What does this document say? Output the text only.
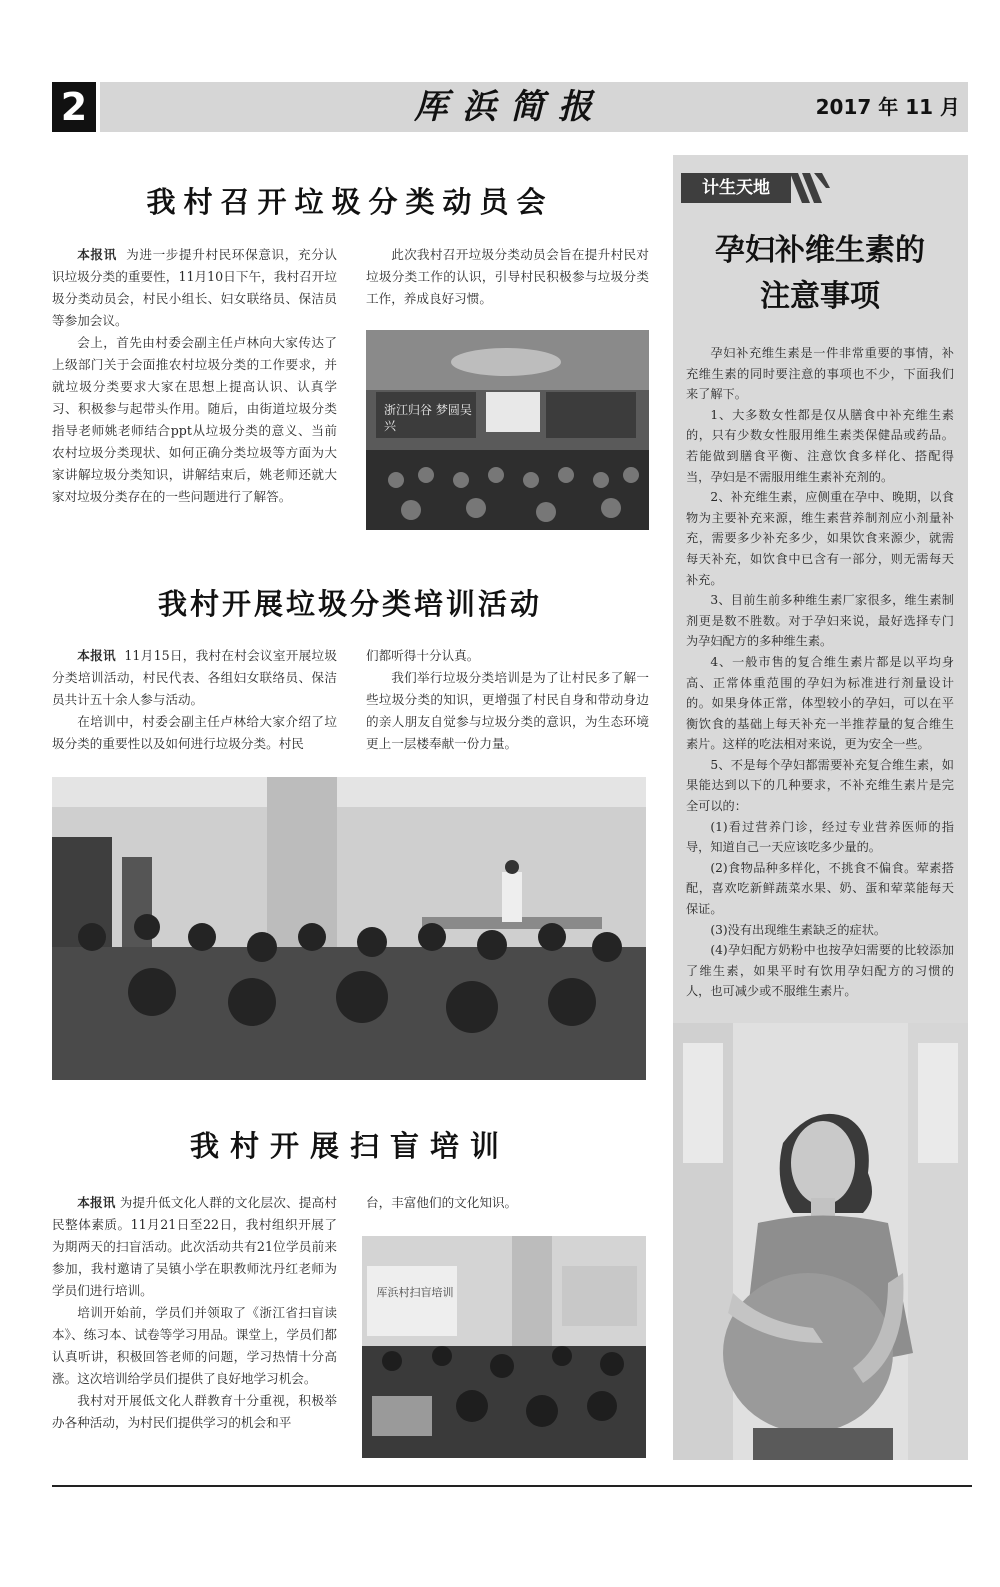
2	厍浜简报	2017 年 11 月
我村召开垃圾分类动员会

本报讯 为进一步提升村民环保意识，充分认识垃圾分类的重要性，11月10日下午，我村召开垃圾分类动员会，村民小组长、妇女联络员、保洁员等参加会议。

会上，首先由村委会副主任卢林向大家传达了上级部门关于会面推农村垃圾分类的工作要求，并就垃圾分类要求大家在思想上提高认识、认真学习、积极参与起带头作用。随后，由街道垃圾分类指导老师姚老师结合ppt从垃圾分类的意义、当前农村垃圾分类现状、如何正确分类垃圾等方面为大家讲解垃圾分类知识，讲解结束后，姚老师还就大家对垃圾分类存在的一些问题进行了解答。

此次我村召开垃圾分类动员会旨在提升村民对垃圾分类工作的认识，引导村民积极参与垃圾分类工作，养成良好习惯。

浙江归谷 梦圆吴兴
我村开展垃圾分类培训活动

本报讯 11月15日，我村在村会议室开展垃圾分类培训活动，村民代表、各组妇女联络员、保洁员共计五十余人参与活动。

在培训中，村委会副主任卢林给大家介绍了垃圾分类的重要性以及如何进行垃圾分类。村民

们都听得十分认真。

我们举行垃圾分类培训是为了让村民多了解一些垃圾分类的知识，更增强了村民自身和带动身边的亲人朋友自觉参与垃圾分类的意识，为生态环境更上一层楼奉献一份力量。

我村开展扫盲培训

本报讯 为提升低文化人群的文化层次、提高村民整体素质。11月21日至22日，我村组织开展了为期两天的扫盲活动。此次活动共有21位学员前来参加，我村邀请了吴镇小学在职教师沈丹红老师为学员们进行培训。

培训开始前，学员们并领取了《浙江省扫盲读本》、练习本、试卷等学习用品。课堂上，学员们都认真听讲，积极回答老师的问题，学习热情十分高涨。这次培训给学员们提供了良好地学习机会。

我村对开展低文化人群教育十分重视，积极举办各种活动，为村民们提供学习的机会和平

台，丰富他们的文化知识。

厍浜村扫盲培训
计生天地
孕妇补维生素的
注意事项

孕妇补充维生素是一件非常重要的事情，补充维生素的同时要注意的事项也不少，下面我们来了解下。

1、大多数女性都是仅从膳食中补充维生素的，只有少数女性服用维生素类保健品或药品。若能做到膳食平衡、注意饮食多样化、搭配得当，孕妇是不需服用维生素补充剂的。

2、补充维生素，应侧重在孕中、晚期，以食物为主要补充来源，维生素营养制剂应小剂量补充，需要多少补充多少，如果饮食来源少，就需每天补充，如饮食中已含有一部分，则无需每天补充。

3、目前生前多种维生素厂家很多，维生素制剂更是数不胜数。对于孕妇来说，最好选择专门为孕妇配方的多种维生素。

4、一般市售的复合维生素片都是以平均身高、正常体重范围的孕妇为标准进行剂量设计的。如果身体正常，体型较小的孕妇，可以在平衡饮食的基础上每天补充一半推荐量的复合维生素片。这样的吃法相对来说，更为安全一些。

5、不是每个孕妇都需要补充复合维生素，如果能达到以下的几种要求，不补充维生素片是完全可以的：

(1)看过营养门诊，经过专业营养医师的指导，知道自己一天应该吃多少量的。

(2)食物品种多样化，不挑食不偏食。荤素搭配，喜欢吃新鲜蔬菜水果、奶、蛋和荤菜能每天保证。

(3)没有出现维生素缺乏的症状。

(4)孕妇配方奶粉中也按孕妇需要的比较添加了维生素，如果平时有饮用孕妇配方的习惯的人，也可减少或不服维生素片。
